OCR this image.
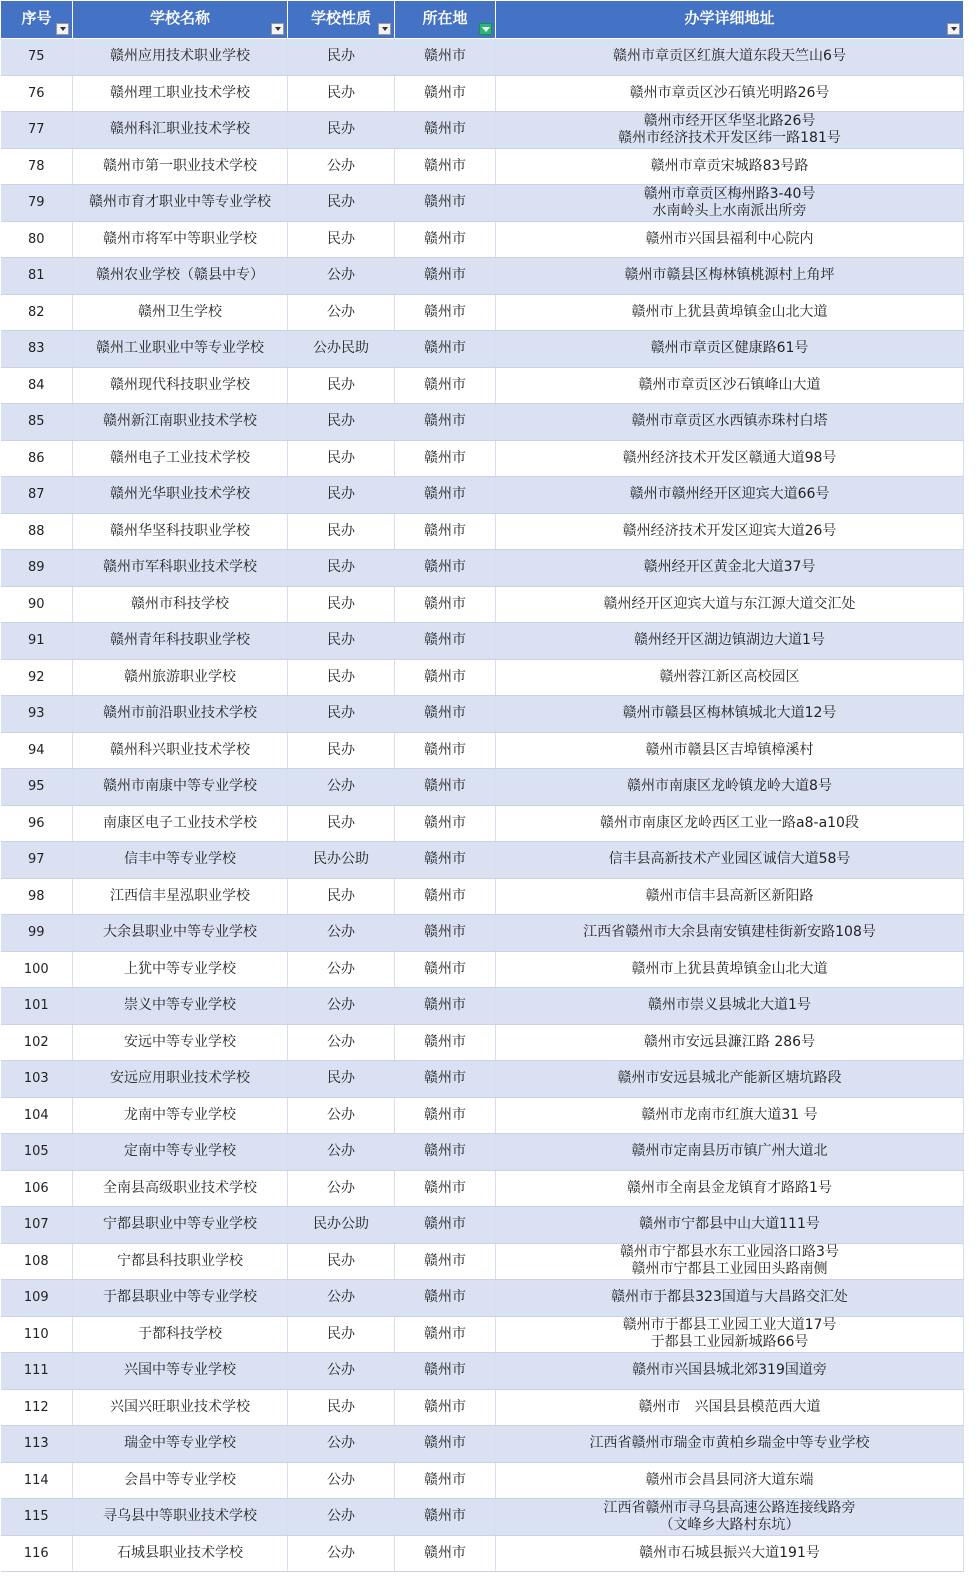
序号	学校名称	学校性质	所在地	办学详细地址

75	赣州应用技术职业学校	民办	赣州市	赣州市章贡区红旗大道东段天竺山6号

76	赣州理工职业技术学校	民办	赣州市	赣州市章贡区沙石镇光明路26号

77	赣州科汇职业技术学校	民办	赣州市	赣州市经开区华坚北路26号
赣州市经济技术开发区纬一路181号

78	赣州市第一职业技术学校	公办	赣州市	赣州市章贡宋城路83号路

79	赣州市育才职业中等专业学校	民办	赣州市	赣州市章贡区梅州路3-40号
水南岭头上水南派出所旁

80	赣州市将军中等职业学校	民办	赣州市	赣州市兴国县福利中心院内

81	赣州农业学校（赣县中专）	公办	赣州市	赣州市赣县区梅林镇桃源村上角坪

82	赣州卫生学校	公办	赣州市	赣州市上犹县黄埠镇金山北大道

83	赣州工业职业中等专业学校	公办民助	赣州市	赣州市章贡区健康路61号

84	赣州现代科技职业学校	民办	赣州市	赣州市章贡区沙石镇峰山大道

85	赣州新江南职业技术学校	民办	赣州市	赣州市章贡区水西镇赤珠村白塔

86	赣州电子工业技术学校	民办	赣州市	赣州经济技术开发区赣通大道98号

87	赣州光华职业技术学校	民办	赣州市	赣州市赣州经开区迎宾大道66号

88	赣州华坚科技职业学校	民办	赣州市	赣州经济技术开发区迎宾大道26号

89	赣州市军科职业技术学校	民办	赣州市	赣州经开区黄金北大道37号

90	赣州市科技学校	民办	赣州市	赣州经开区迎宾大道与东江源大道交汇处

91	赣州青年科技职业学校	民办	赣州市	赣州经开区湖边镇湖边大道1号

92	赣州旅游职业学校	民办	赣州市	赣州蓉江新区高校园区

93	赣州市前沿职业技术学校	民办	赣州市	赣州市赣县区梅林镇城北大道12号

94	赣州科兴职业技术学校	民办	赣州市	赣州市赣县区吉埠镇樟溪村

95	赣州市南康中等专业学校	公办	赣州市	赣州市南康区龙岭镇龙岭大道8号

96	南康区电子工业技术学校	民办	赣州市	赣州市南康区龙岭西区工业一路a8-a10段

97	信丰中等专业学校	民办公助	赣州市	信丰县高新技术产业园区诚信大道58号

98	江西信丰星泓职业学校	民办	赣州市	赣州市信丰县高新区新阳路

99	大余县职业中等专业学校	公办	赣州市	江西省赣州市大余县南安镇建桂街新安路108号

100	上犹中等专业学校	公办	赣州市	赣州市上犹县黄埠镇金山北大道

101	崇义中等专业学校	公办	赣州市	赣州市崇义县城北大道1号

102	安远中等专业学校	公办	赣州市	赣州市安远县濂江路 286号

103	安远应用职业技术学校	民办	赣州市	赣州市安远县城北产能新区塘坑路段

104	龙南中等专业学校	公办	赣州市	赣州市龙南市红旗大道31 号

105	定南中等专业学校	公办	赣州市	赣州市定南县历市镇广州大道北

106	全南县高级职业技术学校	公办	赣州市	赣州市全南县金龙镇育才路路1号

107	宁都县职业中等专业学校	民办公助	赣州市	赣州市宁都县中山大道111号

108	宁都县科技职业学校	民办	赣州市	赣州市宁都县水东工业园洛口路3号
赣州市宁都县工业园田头路南侧

109	于都县职业中等专业学校	公办	赣州市	赣州市于都县323国道与大昌路交汇处

110	于都科技学校	民办	赣州市	赣州市于都县工业园工业大道17号
于都县工业园新城路66号

111	兴国中等专业学校	公办	赣州市	赣州市兴国县城北郊319国道旁

112	兴国兴旺职业技术学校	民办	赣州市	赣州市　兴国县县模范西大道

113	瑞金中等专业学校	公办	赣州市	江西省赣州市瑞金市黄柏乡瑞金中等专业学校

114	会昌中等专业学校	公办	赣州市	赣州市会昌县同济大道东端

115	寻乌县中等职业技术学校	公办	赣州市	江西省赣州市寻乌县高速公路连接线路旁
（文峰乡大路村东坑）

116	石城县职业技术学校	公办	赣州市	赣州市石城县振兴大道191号
